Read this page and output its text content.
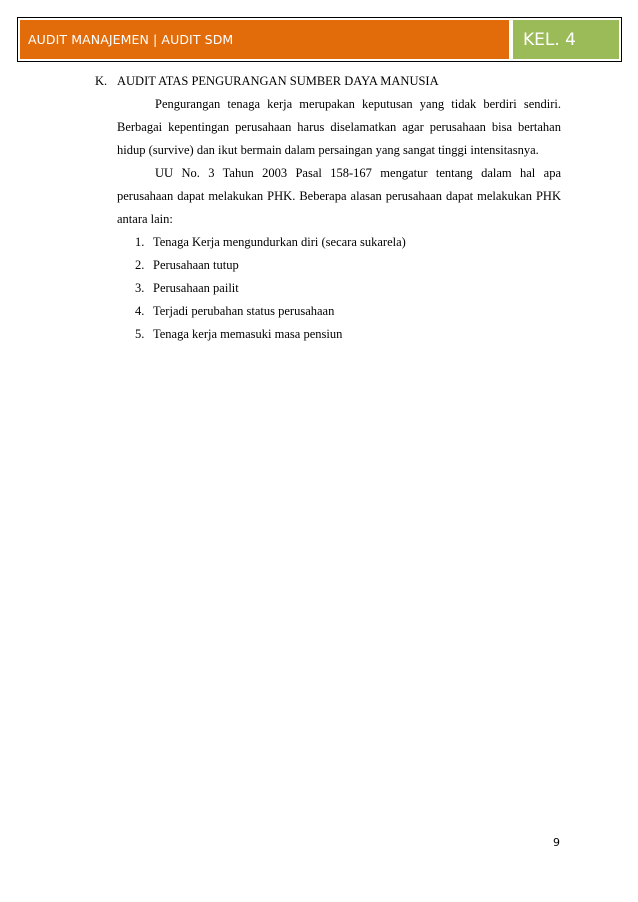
AUDIT MANAJEMEN | AUDIT SDM	KEL. 4
K. AUDIT ATAS PENGURANGAN SUMBER DAYA MANUSIA

Pengurangan tenaga kerja merupakan keputusan yang tidak berdiri sendiri. Berbagai kepentingan perusahaan harus diselamatkan agar perusahaan bisa bertahan hidup (survive) dan ikut bermain dalam persaingan yang sangat tinggi intensitasnya.

UU No. 3 Tahun 2003 Pasal 158-167 mengatur tentang dalam hal apa perusahaan dapat melakukan PHK. Beberapa alasan perusahaan dapat melakukan PHK antara lain:

1. Tenaga Kerja mengundurkan diri (secara sukarela)
2. Perusahaan tutup
3. Perusahaan pailit
4. Terjadi perubahan status perusahaan
5. Tenaga kerja memasuki masa pensiun
9
